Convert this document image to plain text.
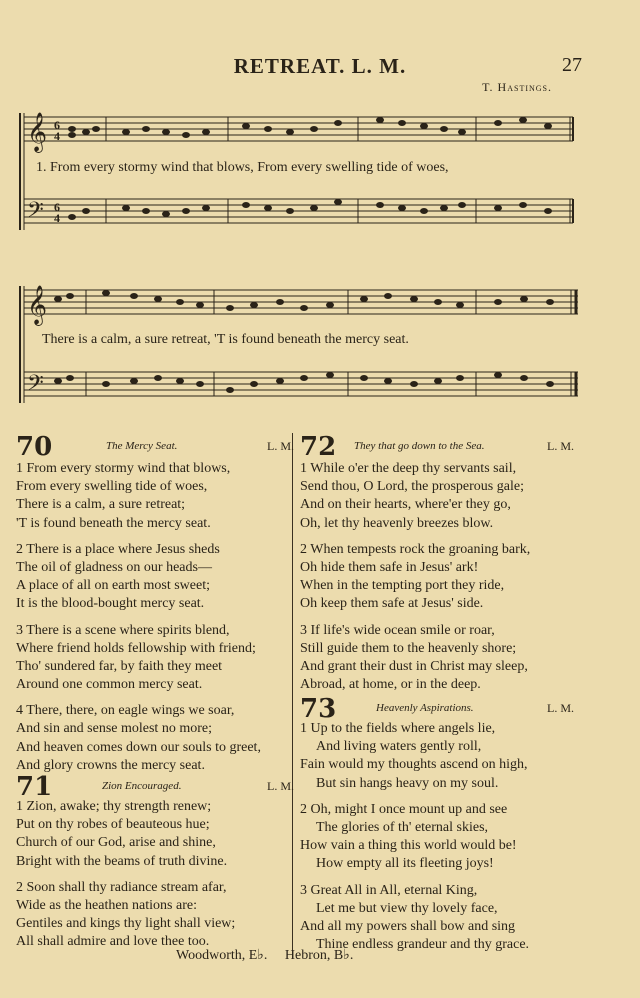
RETREAT. L. M.	27
T. Hastings.
𝄞
𝄢
6
4
6
4
1. From every stormy wind that blows, From every swelling tide of woes,
𝄞
𝄢
There is a calm, a sure retreat, 'T is found beneath the mercy seat.
70	The Mercy Seat.	L. M.
1 From every stormy wind that blows,
From every swelling tide of woes,
There is a calm, a sure retreat;
'T is found beneath the mercy seat.
2 There is a place where Jesus sheds
The oil of gladness on our heads—
A place of all on earth most sweet;
It is the blood-bought mercy seat.
3 There is a scene where spirits blend,
Where friend holds fellowship with friend;
Tho' sundered far, by faith they meet
Around one common mercy seat.
4 There, there, on eagle wings we soar,
And sin and sense molest no more;
And heaven comes down our souls to greet,
And glory crowns the mercy seat.
71	Zion Encouraged.	L. M.
1 Zion, awake; thy strength renew;
Put on thy robes of beauteous hue;
Church of our God, arise and shine,
Bright with the beams of truth divine.
2 Soon shall thy radiance stream afar,
Wide as the heathen nations are:
Gentiles and kings thy light shall view;
All shall admire and love thee too.
72 They that go down to the Sea.	L. M.
1 While o'er the deep thy servants sail,
Send thou, O Lord, the prosperous gale;
And on their hearts, where'er they go,
Oh, let thy heavenly breezes blow.
2 When tempests rock the groaning bark,
Oh hide them safe in Jesus' ark!
When in the tempting port they ride,
Oh keep them safe at Jesus' side.
3 If life's wide ocean smile or roar,
Still guide them to the heavenly shore;
And grant their dust in Christ may sleep,
Abroad, at home, or in the deep.
73	Heavenly Aspirations.	L. M.
1 Up to the fields where angels lie,
And living waters gently roll,
Fain would my thoughts ascend on high,
But sin hangs heavy on my soul.
2 Oh, might I once mount up and see
The glories of th' eternal skies,
How vain a thing this world would be!
How empty all its fleeting joys!
3 Great All in All, eternal King,
Let me but view thy lovely face,
And all my powers shall bow and sing
Thine endless grandeur and thy grace.
Woodworth, E♭.     Hebron, B♭.
